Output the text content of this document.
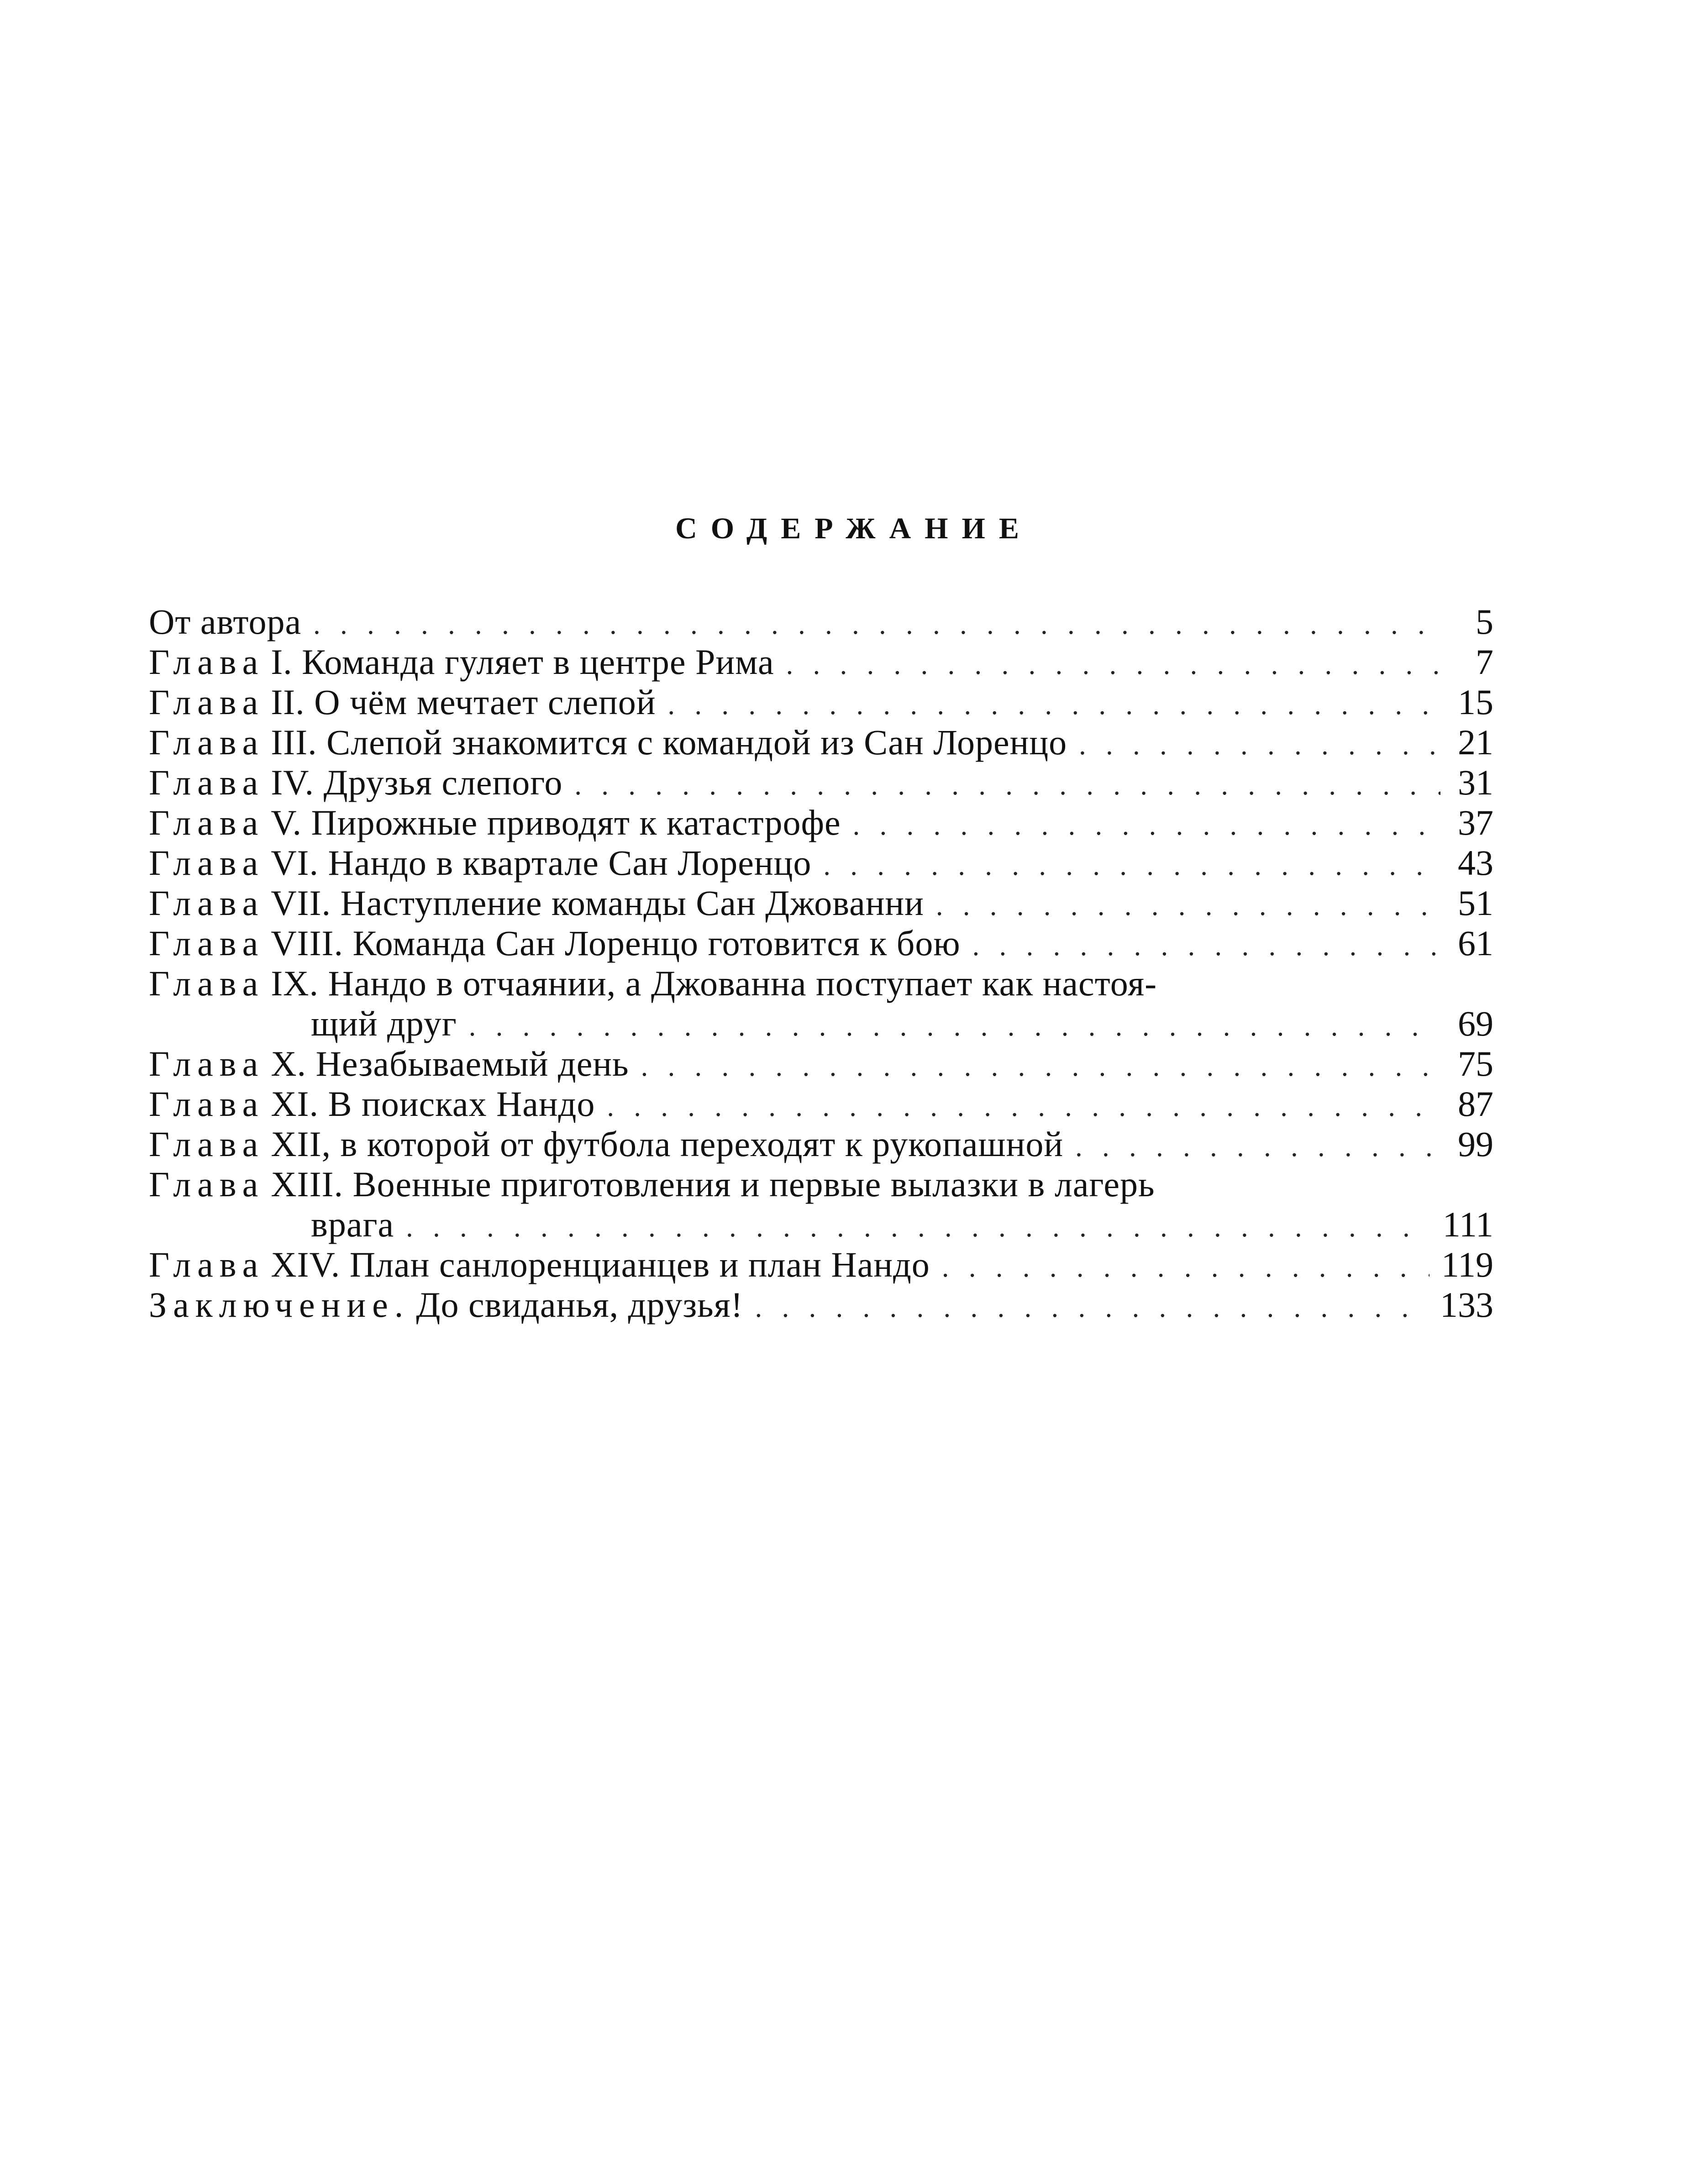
СОДЕРЖАНИЕ
От автора . . .	5
Глава I. Команда гуляет в центре Рима . . .	7
Глава II. О чём мечтает слепой . . .	15
Глава III. Слепой знакомится с командой из Сан Лоренцо . . .	21
Глава IV. Друзья слепого . . .	31
Глава V. Пирожные приводят к катастрофе . . .	37
Глава VI. Нандо в квартале Сан Лоренцо . . .	43
Глава VII. Наступление команды Сан Джованни . . .	51
Глава VIII. Команда Сан Лоренцо готовится к бою . . .	61
Глава IX. Нандо в отчаянии, а Джованна поступает как настоя-
щий друг . . .	69
Глава X. Незабываемый день . . .	75
Глава XI. В поисках Нандо . . .	87
Глава XII, в которой от футбола переходят к рукопашной . . .	99
Глава XIII. Военные приготовления и первые вылазки в лагерь
врага . . .	111
Глава XIV. План санлоренцианцев и план Нандо . . .	119
Заключение. До свиданья, друзья! . . .	133
